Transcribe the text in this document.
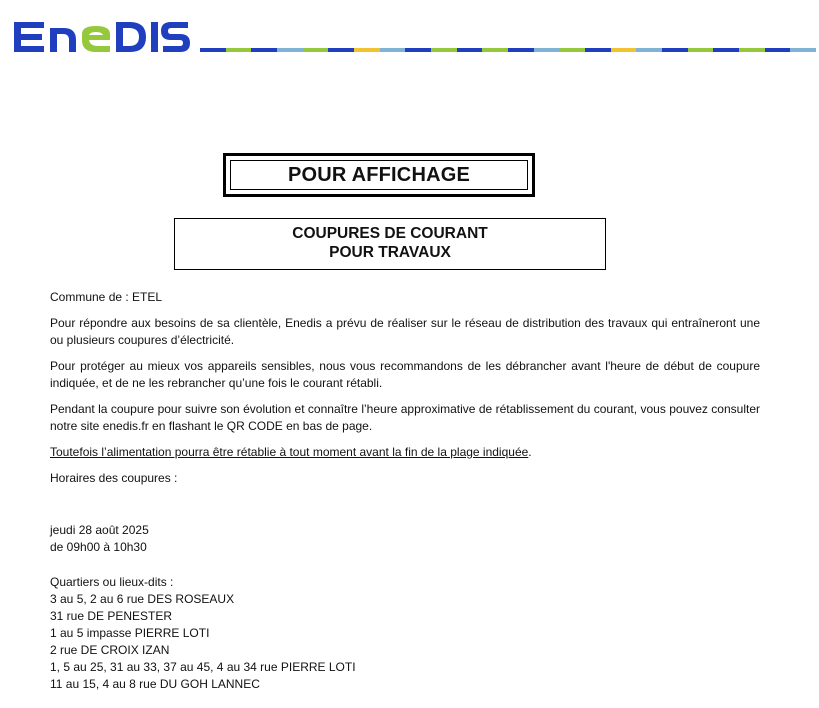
POUR AFFICHAGE
COUPURES DE COURANT
POUR TRAVAUX

Commune de : ETEL

Pour répondre aux besoins de sa clientèle, Enedis a prévu de réaliser sur le réseau de distribution des travaux qui entraîneront une ou plusieurs coupures d’électricité.

Pour protéger au mieux vos appareils sensibles, nous vous recommandons de les débrancher avant l'heure de début de coupure indiquée, et de ne les rebrancher qu’une fois le courant rétabli.

Pendant la coupure pour suivre son évolution et connaître l’heure approximative de rétablissement du courant, vous pouvez consulter notre site enedis.fr en flashant le QR CODE en bas de page.

Toutefois l’alimentation pourra être rétablie à tout moment avant la fin de la plage indiquée.

Horaires des coupures :

jeudi 28 août 2025

de 09h00 à 10h30

Quartiers ou lieux-dits :

3 au 5, 2 au 6 rue DES ROSEAUX

31 rue DE PENESTER

1 au 5 impasse PIERRE LOTI

2 rue DE CROIX IZAN

1, 5 au 25, 31 au 33, 37 au 45, 4 au 34 rue PIERRE LOTI

11 au 15, 4 au 8 rue DU GOH LANNEC
